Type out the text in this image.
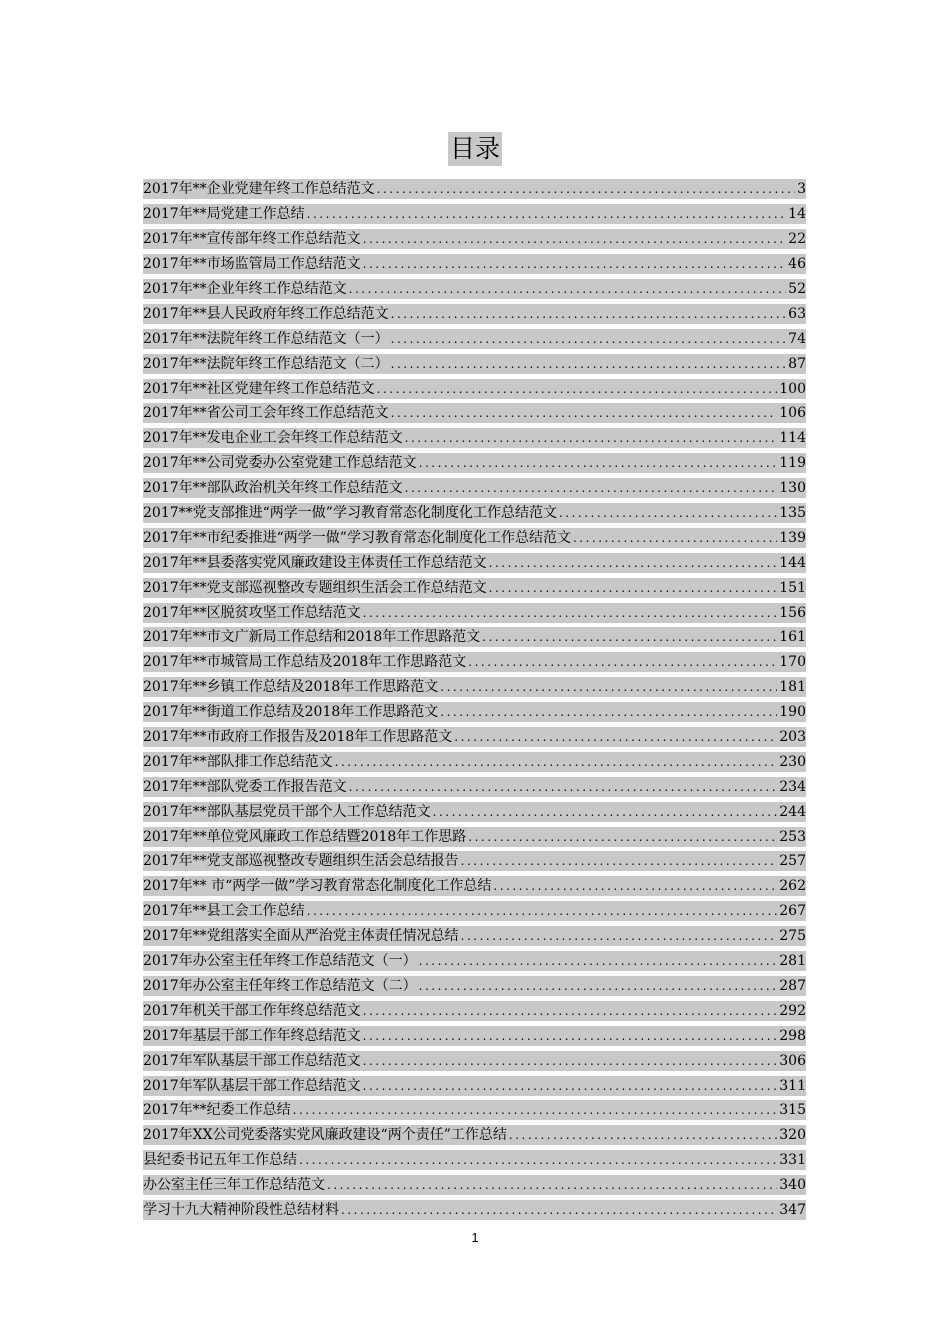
目录
2017年**企业党建年终工作总结范文 .....	3
2017年**局党建工作总结 .....	14
2017年**宣传部年终工作总结范文 .....	22
2017年**市场监管局工作总结范文 .....	46
2017年**企业年终工作总结范文 .....	52
2017年**县人民政府年终工作总结范文 .....	63
2017年**法院年终工作总结范文（一） .....	74
2017年**法院年终工作总结范文（二） .....	87
2017年**社区党建年终工作总结范文 .....	100
2017年**省公司工会年终工作总结范文 .....	106
2017年**发电企业工会年终工作总结范文 .....	114
2017年**公司党委办公室党建工作总结范文 .....	119
2017年**部队政治机关年终工作总结范文 .....	130
2017**党支部推进“两学一做”学习教育常态化制度化工作总结范文 .....	135
2017年**市纪委推进“两学一做”学习教育常态化制度化工作总结范文 .....	139
2017年**县委落实党风廉政建设主体责任工作总结范文 .....	144
2017年**党支部巡视整改专题组织生活会工作总结范文 .....	151
2017年**区脱贫攻坚工作总结范文 .....	156
2017年**市文广新局工作总结和2018年工作思路范文 .....	161
2017年**市城管局工作总结及2018年工作思路范文 .....	170
2017年**乡镇工作总结及2018年工作思路范文 .....	181
2017年**街道工作总结及2018年工作思路范文 .....	190
2017年**市政府工作报告及2018年工作思路范文 .....	203
2017年**部队排工作总结范文 .....	230
2017年**部队党委工作报告范文 .....	234
2017年**部队基层党员干部个人工作总结范文 .....	244
2017年**单位党风廉政工作总结暨2018年工作思路 .....	253
2017年**党支部巡视整改专题组织生活会总结报告 .....	257
2017年** 市“两学一做”学习教育常态化制度化工作总结 .....	262
2017年**县工会工作总结 .....	267
2017年**党组落实全面从严治党主体责任情况总结 .....	275
2017年办公室主任年终工作总结范文（一） .....	281
2017年办公室主任年终工作总结范文（二） .....	287
2017年机关干部工作年终总结范文 .....	292
2017年基层干部工作年终总结范文 .....	298
2017年军队基层干部工作总结范文 .....	306
2017年军队基层干部工作总结范文 .....	311
2017年**纪委工作总结 .....	315
2017年XX公司党委落实党风廉政建设“两个责任”工作总结 .....	320
县纪委书记五年工作总结 .....	331
办公室主任三年工作总结范文 .....	340
学习十九大精神阶段性总结材料 .....	347
1
